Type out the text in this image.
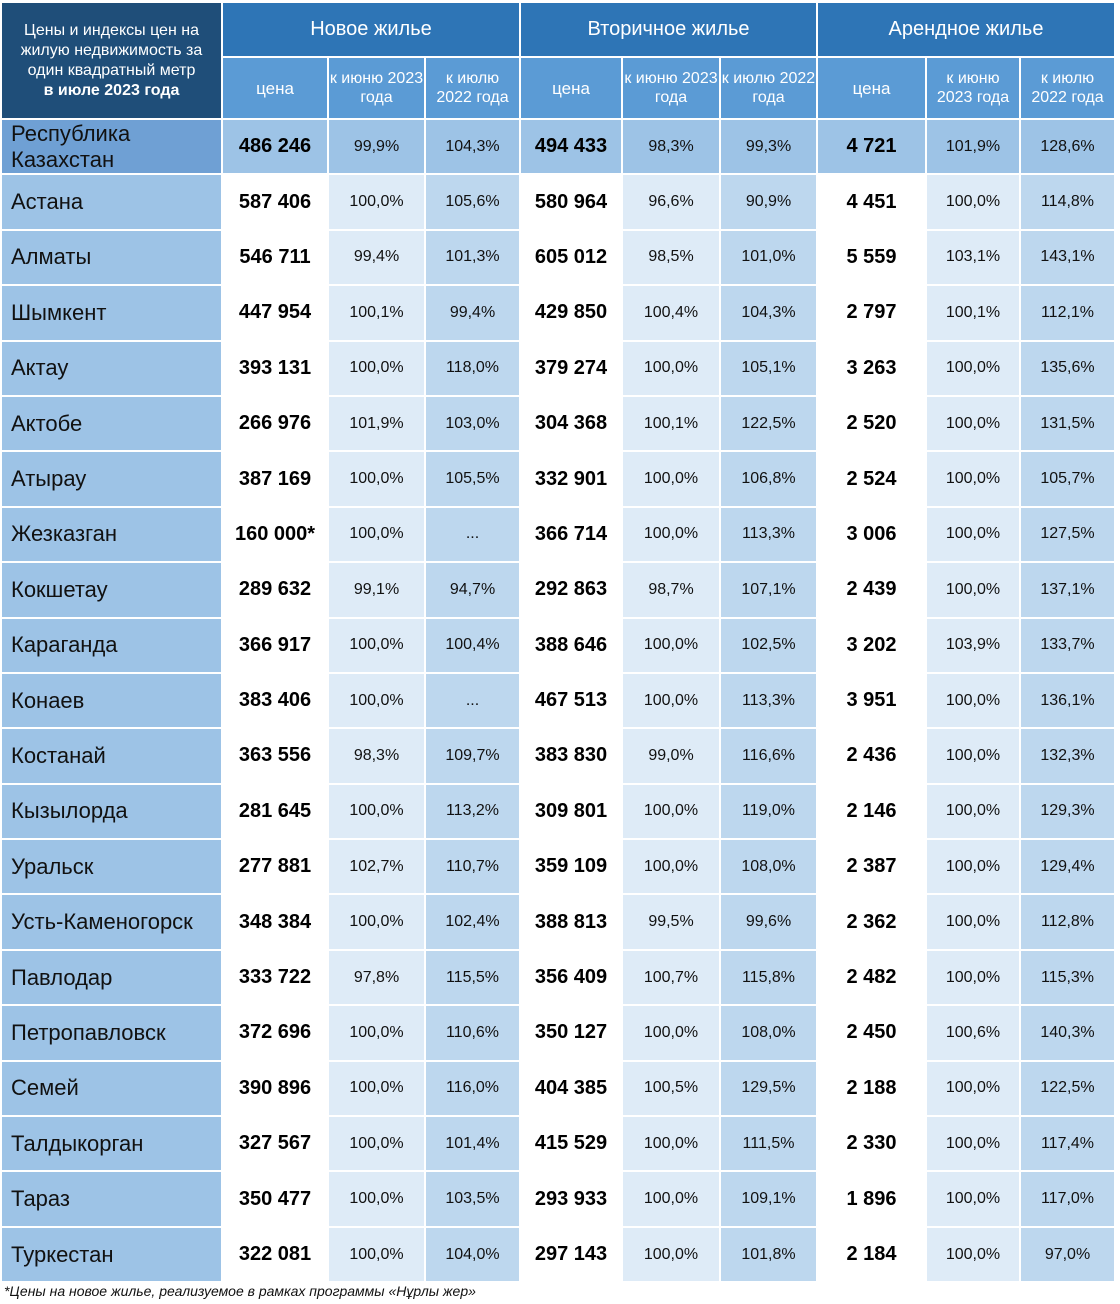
Цены и индексы цен на жилую недвижимость за один квадратный метр
в июле 2023 года	Новое жилье			Вторичное жилье			Арендное жилье		
	цена	к июню 2023 года	к июлю 2022 года	цена	к июню 2023 года	к июлю 2022 года	цена	к июню 2023 года	к июлю 2022 года
Республика Казахстан	486 246	99,9%	104,3%	494 433	98,3%	99,3%	4 721	101,9%	128,6%
Астана	587 406	100,0%	105,6%	580 964	96,6%	90,9%	4 451	100,0%	114,8%
Алматы	546 711	99,4%	101,3%	605 012	98,5%	101,0%	5 559	103,1%	143,1%
Шымкент	447 954	100,1%	99,4%	429 850	100,4%	104,3%	2 797	100,1%	112,1%
Актау	393 131	100,0%	118,0%	379 274	100,0%	105,1%	3 263	100,0%	135,6%
Актобе	266 976	101,9%	103,0%	304 368	100,1%	122,5%	2 520	100,0%	131,5%
Атырау	387 169	100,0%	105,5%	332 901	100,0%	106,8%	2 524	100,0%	105,7%
Жезказган	160 000*	100,0%	...	366 714	100,0%	113,3%	3 006	100,0%	127,5%
Кокшетау	289 632	99,1%	94,7%	292 863	98,7%	107,1%	2 439	100,0%	137,1%
Караганда	366 917	100,0%	100,4%	388 646	100,0%	102,5%	3 202	103,9%	133,7%
Конаев	383 406	100,0%	...	467 513	100,0%	113,3%	3 951	100,0%	136,1%
Костанай	363 556	98,3%	109,7%	383 830	99,0%	116,6%	2 436	100,0%	132,3%
Кызылорда	281 645	100,0%	113,2%	309 801	100,0%	119,0%	2 146	100,0%	129,3%
Уральск	277 881	102,7%	110,7%	359 109	100,0%	108,0%	2 387	100,0%	129,4%
Усть-Каменогорск	348 384	100,0%	102,4%	388 813	99,5%	99,6%	2 362	100,0%	112,8%
Павлодар	333 722	97,8%	115,5%	356 409	100,7%	115,8%	2 482	100,0%	115,3%
Петропавловск	372 696	100,0%	110,6%	350 127	100,0%	108,0%	2 450	100,6%	140,3%
Семей	390 896	100,0%	116,0%	404 385	100,5%	129,5%	2 188	100,0%	122,5%
Талдыкорган	327 567	100,0%	101,4%	415 529	100,0%	111,5%	2 330	100,0%	117,4%
Тараз	350 477	100,0%	103,5%	293 933	100,0%	109,1%	1 896	100,0%	117,0%
Туркестан	322 081	100,0%	104,0%	297 143	100,0%	101,8%	2 184	100,0%	97,0%
*Цены на новое жилье, реализуемое в рамках программы «Нұрлы жер»
